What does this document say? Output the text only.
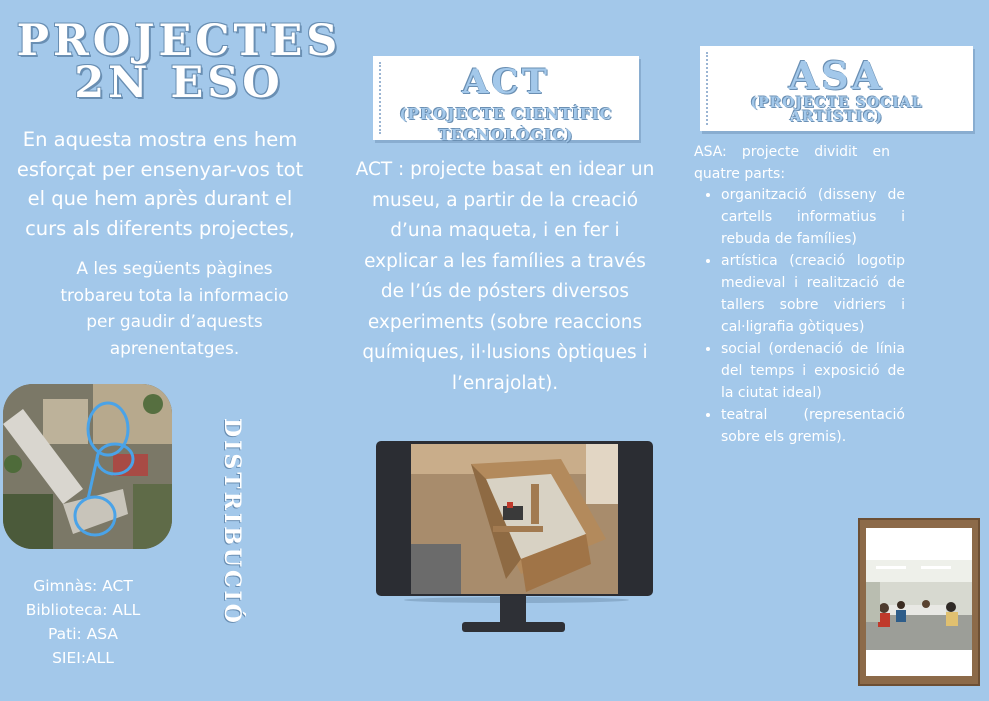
PROJECTES
2N ESO

En aquesta mostra ens hem esforçat per ensenyar-vos tot el que hem après durant el curs als diferents projectes,

A les següents pàgines trobareu tota la informacio per gaudir d’aquests aprenentatges.

DISTRIBUCIÓ
Gimnàs: ACT
Biblioteca: ALL
Pati: ASA
SIEI:ALL

ACT

(PROJECTE CIENTÍFIC

TECNOLÒGIC)

ACT : projecte basat en idear un museu, a partir de la creació d’una maqueta, i en fer i explicar a les famílies a través de l’ús de pósters diversos experiments (sobre reaccions químiques, il·lusions òptiques i l’enrajolat).

ASA

(PROJECTE SOCIAL

ARTÍSTIC)

ASA: projecte dividit en quatre parts:

• organització (disseny de cartells informatius i rebuda de famílies)
• artística (creació logotip medieval i realització de tallers sobre vidriers i cal·ligrafia gòtiques)
• social (ordenació de línia del temps i exposició de la ciutat ideal)
• teatral (representació sobre els gremis).
